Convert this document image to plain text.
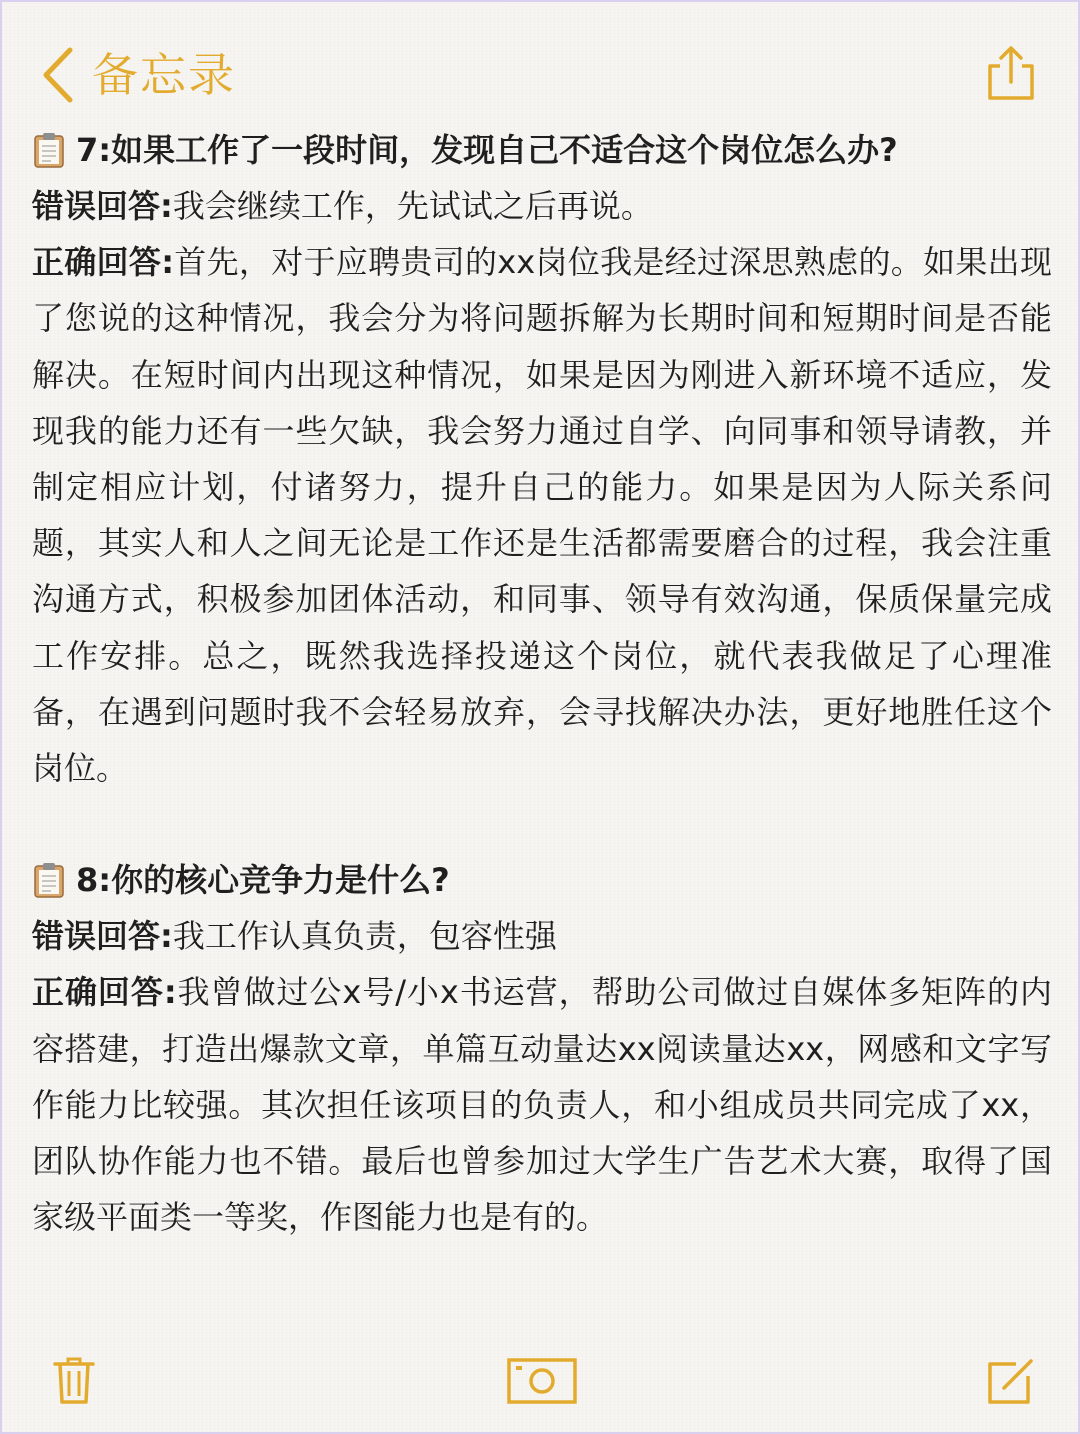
备忘录
7:如果工作了一段时间，发现自己不适合这个岗位怎么办?

错误回答:我会继续工作，先试试之后再说。

正确回答:首先，对于应聘贵司的xx岗位我是经过深思熟虑的。如果出现了您说的这种情况，我会分为将问题拆解为长期时间和短期时间是否能解决。在短时间内出现这种情况，如果是因为刚进入新环境不适应，发现我的能力还有一些欠缺，我会努力通过自学、向同事和领导请教，并制定相应计划，付诸努力，提升自己的能力。如果是因为人际关系问题，其实人和人之间无论是工作还是生活都需要磨合的过程，我会注重沟通方式，积极参加团体活动，和同事、领导有效沟通，保质保量完成工作安排。总之，既然我选择投递这个岗位，就代表我做足了心理准备，在遇到问题时我不会轻易放弃，会寻找解决办法，更好地胜任这个岗位。

8:你的核心竞争力是什么?

错误回答:我工作认真负责，包容性强

正确回答:我曾做过公x号/小x书运营，帮助公司做过自媒体多矩阵的内容搭建，打造出爆款文章，单篇互动量达xx阅读量达xx，网感和文字写作能力比较强。其次担任该项目的负责人，和小组成员共同完成了xx，团队协作能力也不错。最后也曾参加过大学生广告艺术大赛，取得了国家级平面类一等奖，作图能力也是有的。
